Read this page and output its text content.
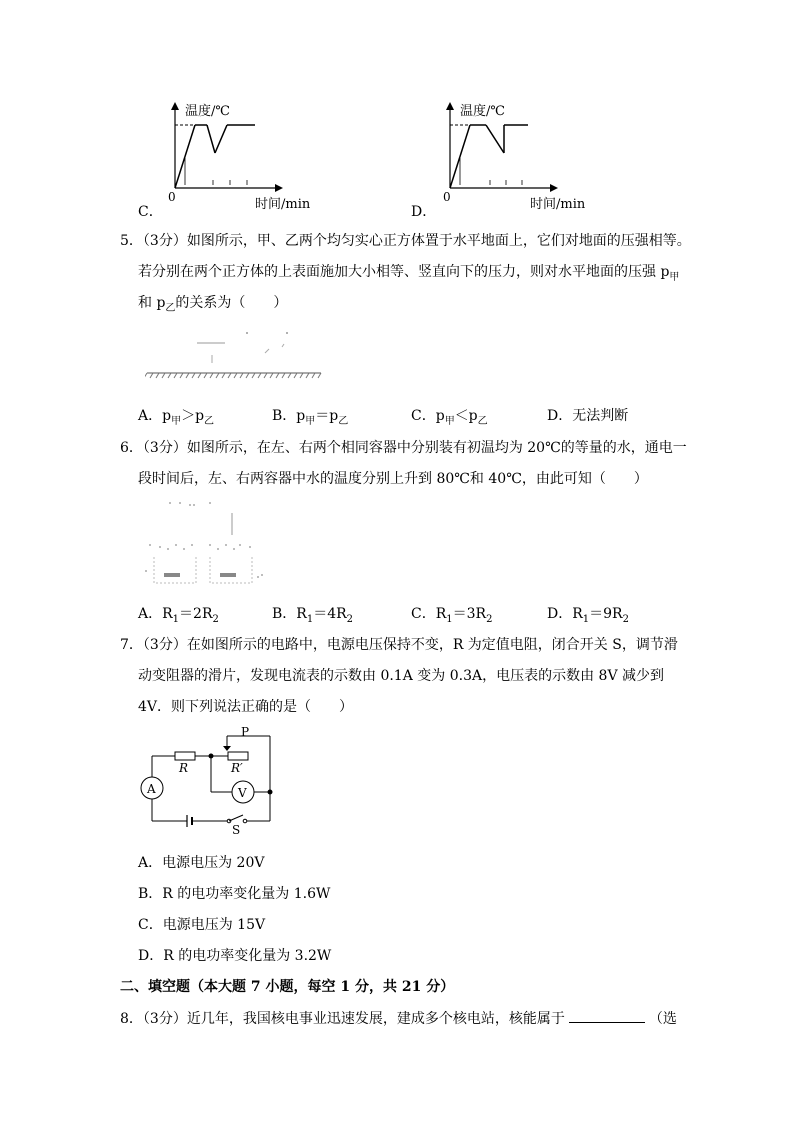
温度/℃
0	时间/min
C．
温度/℃
0	时间/min
D．
5．（3分）如图所示，甲、乙两个均匀实心正方体置于水平地面上，它们对地面的压强相等。
若分别在两个正方体的上表面施加大小相等、竖直向下的压力，则对水平地面的压强 $p_甲$
和 $p_乙$的关系为（　　）
A．$p_甲>p_乙$	B．$p_甲=p_乙$	C．$p_甲<p_乙$	D．无法判断
6．（3分）如图所示，在左、右两个相同容器中分别装有初温均为 20℃的等量的水，通电一
段时间后，左、右两容器中水的温度分别上升到 80℃和 40℃，由此可知（　　）
A．$R_1=2R_2$	B．$R_1=4R_2$	C．$R_1=3R_2$	D．$R_1=9R_2$
7．（3分）在如图所示的电路中，电源电压保持不变，R 为定值电阻，闭合开关 S，调节滑
动变阻器的滑片，发现电流表的示数由 0.1A 变为 0.3A，电压表的示数由 8V 减少到
4V．则下列说法正确的是（　　）
V
A
P
R	R′
S
A．电源电压为 20V
B．R 的电功率变化量为 1.6W
C．电源电压为 15V
D．R 的电功率变化量为 3.2W
二、填空题（本大题 7 小题，每空 1 分，共 21 分）
8．（3分）近几年，我国核电事业迅速发展，建成多个核电站，核能属于	（选
